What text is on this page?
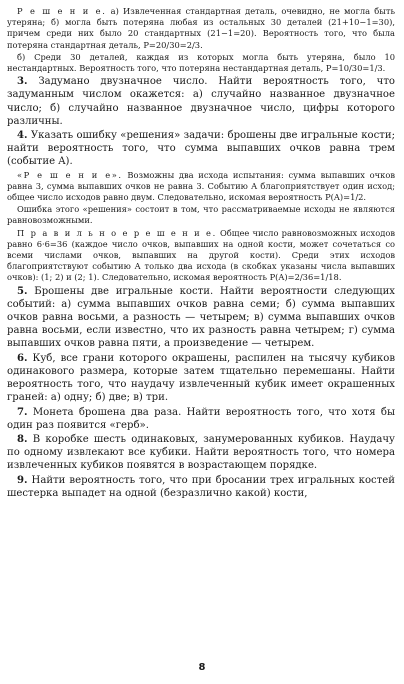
Р е ш е н и е. а) Извлеченная стандартная деталь, очевидно, не могла быть утеряна; б) могла быть потеряна любая из остальных 30 деталей (21+10−1=30), причем среди них было 20 стандартных (21−1=20). Вероятность того, что была потеряна стандартная деталь, P=20/30=2/3.

б) Среди 30 деталей, каждая из которых могла быть утеряна, было 10 нестандартных. Вероятность того, что потеряна нестандартная деталь, P=10/30=1/3.

3. Задумано двузначное число. Найти вероятность того, что задуманным числом окажется: а) случайно названное двузначное число; б) случайно названное двузначное число, цифры которого различны.

4. Указать ошибку «решения» задачи: брошены две игральные кости; найти вероятность того, что сумма выпавших очков равна трем (событие A).

«Р е ш е н и е». Возможны два исхода испытания: сумма выпавших очков равна 3, сумма выпавших очков не равна 3. Событию A благоприятствует один исход; общее число исходов равно двум. Следовательно, искомая вероятность P(A)=1/2.

Ошибка этого «решения» состоит в том, что рассматриваемые исходы не являются равновозможными.

П р а в и л ь н о е р е ш е н и е. Общее число равновозможных исходов равно 6·6=36 (каждое число очков, выпавших на одной кости, может сочетаться со всеми числами очков, выпавших на другой кости). Среди этих исходов благоприятствуют событию A только два исхода (в скобках указаны числа выпавших очков): (1; 2) и (2; 1). Следовательно, искомая вероятность P(A)=2/36=1/18.

5. Брошены две игральные кости. Найти вероятности следующих событий: а) сумма выпавших очков равна семи; б) сумма выпавших очков равна восьми, а разность — четырем; в) сумма выпавших очков равна восьми, если известно, что их разность равна четырем; г) сумма выпавших очков равна пяти, а произведение — четырем.

6. Куб, все грани которого окрашены, распилен на тысячу кубиков одинакового размера, которые затем тщательно перемешаны. Найти вероятность того, что наудачу извлеченный кубик имеет окрашенных граней: а) одну; б) две; в) три.

7. Монета брошена два раза. Найти вероятность того, что хотя бы один раз появится «герб».

8. В коробке шесть одинаковых, занумерованных кубиков. Наудачу по одному извлекают все кубики. Найти вероятность того, что номера извлеченных кубиков появятся в возрастающем порядке.

9. Найти вероятность того, что при бросании трех игральных костей шестерка выпадет на одной (безразлично какой) кости,

8
